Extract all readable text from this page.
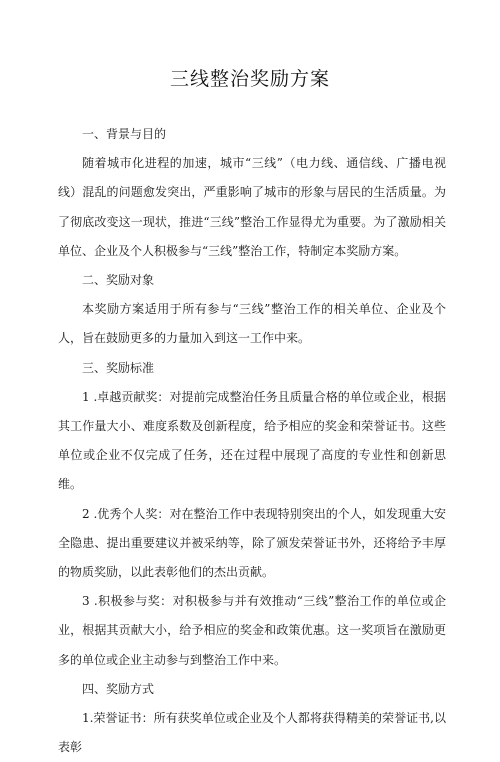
三线整治奖励方案

一、背景与目的

随着城市化进程的加速，城市“三线”（电力线、通信线、广播电视线）混乱的问题愈发突出，严重影响了城市的形象与居民的生活质量。为了彻底改变这一现状，推进“三线”整治工作显得尤为重要。为了激励相关单位、企业及个人积极参与“三线”整治工作，特制定本奖励方案。

二、奖励对象

本奖励方案适用于所有参与“三线”整治工作的相关单位、企业及个人，旨在鼓励更多的力量加入到这一工作中来。

三、奖励标准

1 .卓越贡献奖：对提前完成整治任务且质量合格的单位或企业，根据其工作量大小、难度系数及创新程度，给予相应的奖金和荣誉证书。这些单位或企业不仅完成了任务，还在过程中展现了高度的专业性和创新思维。

2 .优秀个人奖：对在整治工作中表现特别突出的个人，如发现重大安全隐患、提出重要建议并被采纳等，除了颁发荣誉证书外，还将给予丰厚的物质奖励，以此表彰他们的杰出贡献。

3 .积极参与奖：对积极参与并有效推动“三线”整治工作的单位或企业，根据其贡献大小，给予相应的奖金和政策优惠。这一奖项旨在激励更多的单位或企业主动参与到整治工作中来。

四、奖励方式

1.荣誉证书：所有获奖单位或企业及个人都将获得精美的荣誉证书,以表彰
